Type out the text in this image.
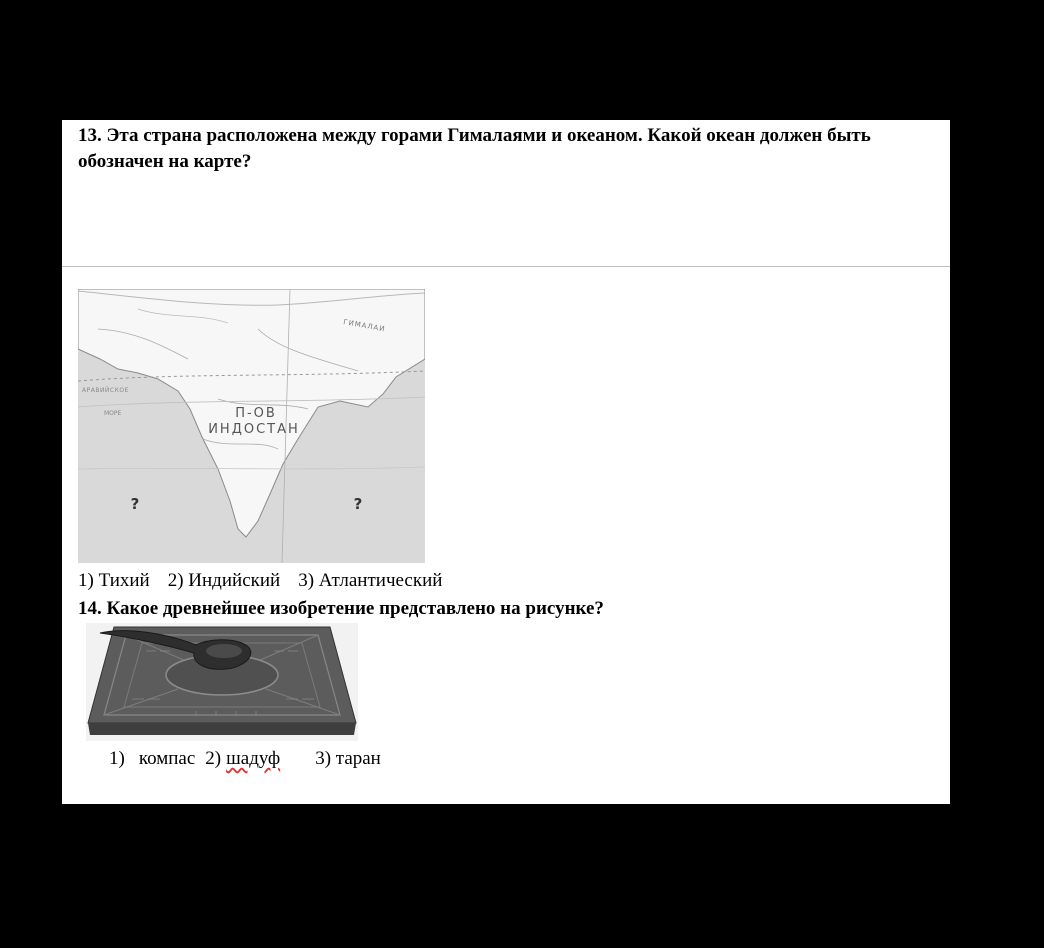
13. Эта страна расположена между горами Гималаями и океаном. Какой океан должен быть обозначен на карте?
ГИМАЛАИ
АРАВИЙСКОЕ
МОРЕ	П-ОВ
ИНДОСТАН
?	?
1) Тихий 2) Индийский 3) Атлантический
14. Какое древнейшее изобретение представлено на рисунке?
1) компас 2) шадуф 3) таран
